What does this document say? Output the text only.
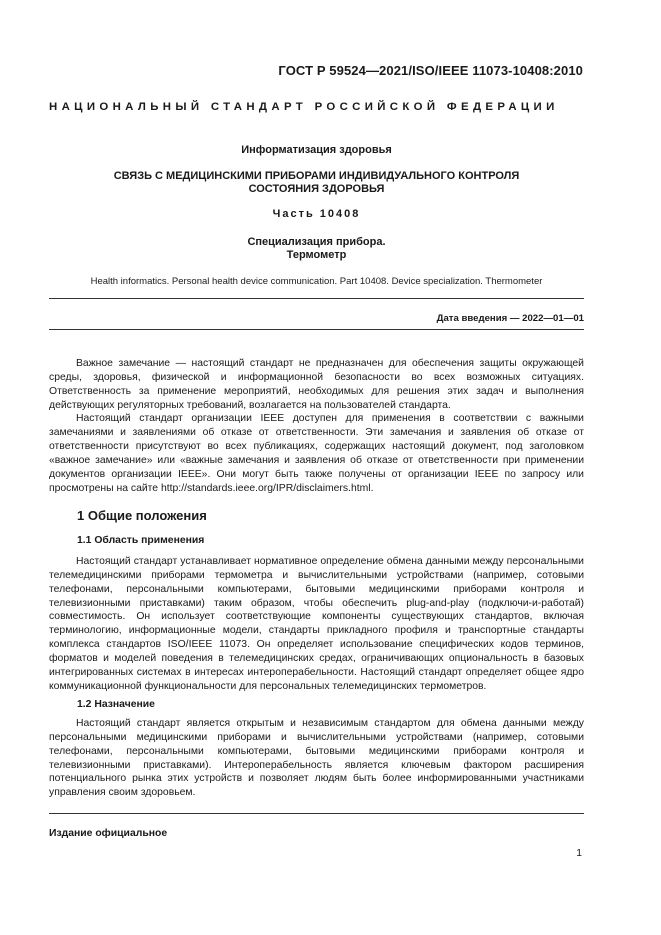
ГОСТ Р 59524—2021/ISO/IEEE 11073-10408:2010
НАЦИОНАЛЬНЫЙ СТАНДАРТ РОССИЙСКОЙ ФЕДЕРАЦИИ
Информатизация здоровья
СВЯЗЬ С МЕДИЦИНСКИМИ ПРИБОРАМИ ИНДИВИДУАЛЬНОГО КОНТРОЛЯ
СОСТОЯНИЯ ЗДОРОВЬЯ
Часть 10408
Специализация прибора.
Термометр
Health informatics. Personal health device communication. Part 10408. Device specialization. Thermometer
Дата введения — 2022—01—01

Важное замечание — настоящий стандарт не предназначен для обеспечения защиты окружающей среды, здоровья, физической и информационной безопасности во всех возможных ситуациях. Ответственность за применение мероприятий, необходимых для решения этих задач и выполнения действующих регуляторных требований, возлагается на пользователей стандарта.

Настоящий стандарт организации IEEE доступен для применения в соответствии с важными замечаниями и заявлениями об отказе от ответственности. Эти замечания и заявления об отказе от ответственности присутствуют во всех публикациях, содержащих настоящий документ, под заголовком «важное замечание» или «важные замечания и заявления об отказе от ответственности при применении документов организации IEEE». Они могут быть также получены от организации IEEE по запросу или просмотрены на сайте http://standards.ieee.org/IPR/disclaimers.html.

1 Общие положения
1.1 Область применения

Настоящий стандарт устанавливает нормативное определение обмена данными между персональными телемедицинскими приборами термометра и вычислительными устройствами (например, сотовыми телефонами, персональными компьютерами, бытовыми медицинскими приборами контроля и телевизионными приставками) таким образом, чтобы обеспечить plug-and-play (подключи-и-работай) совместимость. Он использует соответствующие компоненты существующих стандартов, включая терминологию, информационные модели, стандарты прикладного профиля и транспортные стандарты комплекса стандартов ISO/IEEE 11073. Он определяет использование специфических кодов терминов, форматов и моделей поведения в телемедицинских средах, ограничивающих опциональность в базовых интегрированных системах в интересах интероперабельности. Настоящий стандарт определяет общее ядро коммуникационной функциональности для персональных телемедицинских термометров.

1.2 Назначение

Настоящий стандарт является открытым и независимым стандартом для обмена данными между персональными медицинскими приборами и вычислительными устройствами (например, сотовыми телефонами, персональными компьютерами, бытовыми медицинскими приборами контроля и телевизионными приставками). Интероперабельность является ключевым фактором расширения потенциального рынка этих устройств и позволяет людям быть более информированными участниками управления своим здоровьем.

Издание официальное
1
